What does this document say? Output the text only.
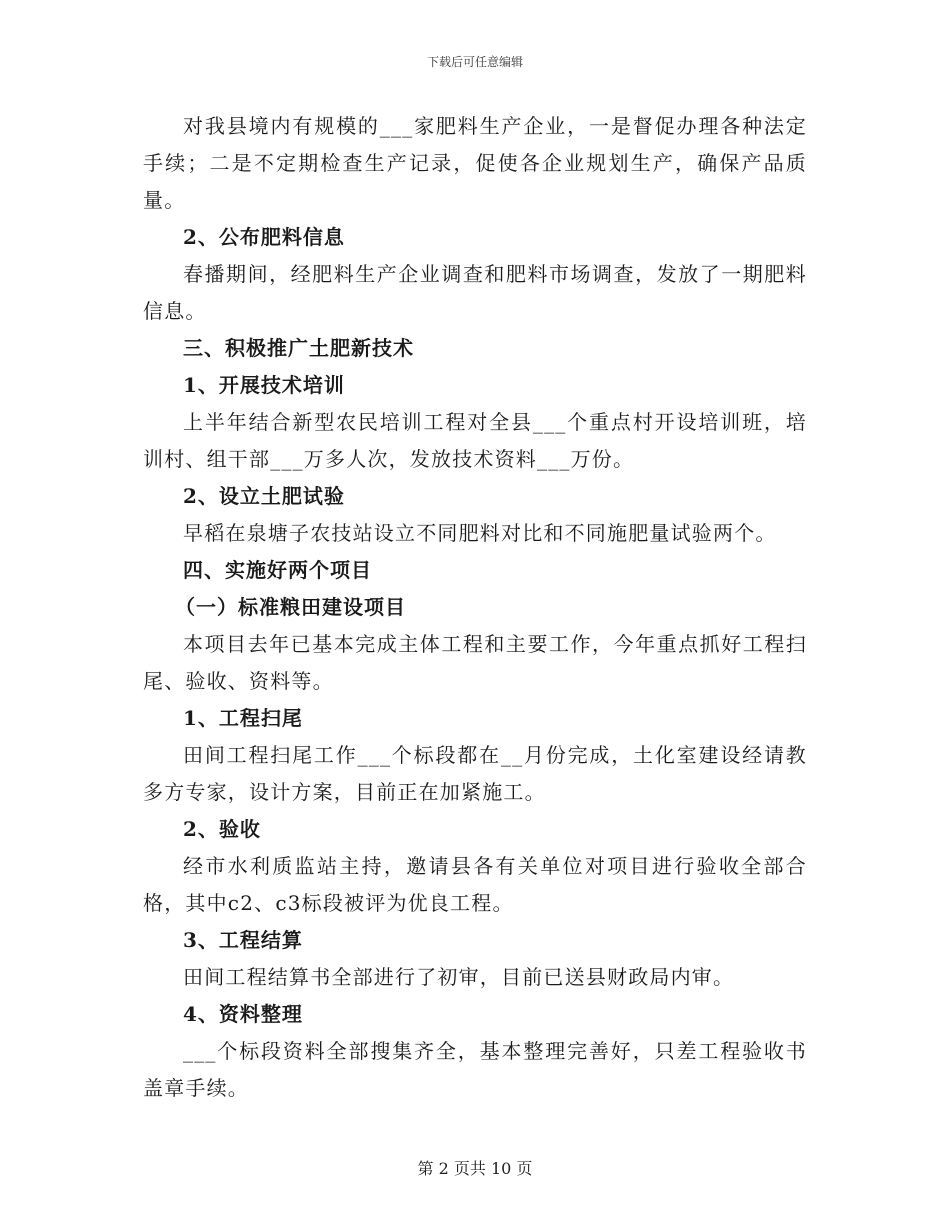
下载后可任意编辑

对我县境内有规模的___家肥料生产企业，一是督促办理各种法定手续；二是不定期检查生产记录，促使各企业规划生产，确保产品质量。

2、公布肥料信息

春播期间，经肥料生产企业调查和肥料市场调查，发放了一期肥料信息。

三、积极推广土肥新技术

1、开展技术培训

上半年结合新型农民培训工程对全县___个重点村开设培训班，培训村、组干部___万多人次，发放技术资料___万份。

2、设立土肥试验

早稻在泉塘子农技站设立不同肥料对比和不同施肥量试验两个。

四、实施好两个项目

（一）标准粮田建设项目

本项目去年已基本完成主体工程和主要工作，今年重点抓好工程扫尾、验收、资料等。

1、工程扫尾

田间工程扫尾工作___个标段都在__月份完成，土化室建设经请教多方专家，设计方案，目前正在加紧施工。

2、验收

经市水利质监站主持，邀请县各有关单位对项目进行验收全部合格，其中c2、c3标段被评为优良工程。

3、工程结算

田间工程结算书全部进行了初审，目前已送县财政局内审。

4、资料整理

___个标段资料全部搜集齐全，基本整理完善好，只差工程验收书盖章手续。

第 2 页共 10 页
